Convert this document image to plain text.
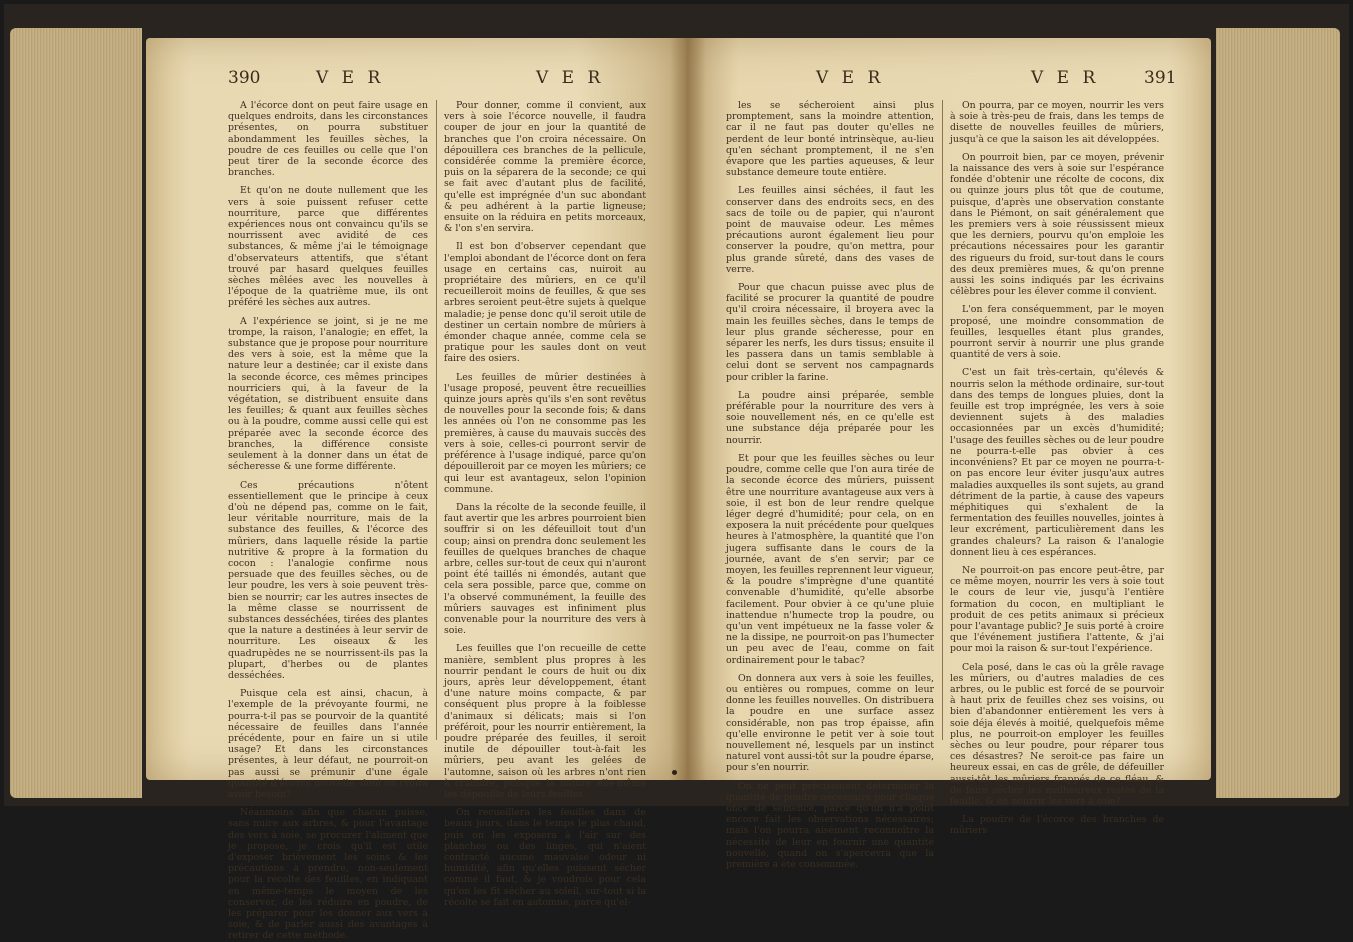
390	V E R	V E R

A l'écorce dont on peut faire usage en quelques endroits, dans les circonstances présentes, on pourra substituer abondamment les feuilles sèches, la poudre de ces feuilles ou celle que l'on peut tirer de la seconde écorce des branches.

Et qu'on ne doute nullement que les vers à soie puissent refuser cette nourriture, parce que différentes expériences nous ont convaincu qu'ils se nourrissent avec avidité de ces substances, & même j'ai le témoignage d'observateurs attentifs, que s'étant trouvé par hasard quelques feuilles sèches mêlées avec les nouvelles à l'époque de la quatrième mue, ils ont préféré les sèches aux autres.

A l'expérience se joint, si je ne me trompe, la raison, l'analogie; en effet, la substance que je propose pour nourriture des vers à soie, est la même que la nature leur a destinée; car il existe dans la seconde écorce, ces mêmes principes nourriciers qui, à la faveur de la végétation, se distribuent ensuite dans les feuilles; & quant aux feuilles sèches ou à la poudre, comme aussi celle qui est préparée avec la seconde écorce des branches, la différence consiste seulement à la donner dans un état de sécheresse & une forme différente.

Ces précautions n'ôtent essentiellement que le principe à ceux d'où ne dépend pas, comme on le fait, leur véritable nourriture, mais de la substance des feuilles, & l'écorce des mûriers, dans laquelle réside la partie nutritive & propre à la formation du cocon : l'analogie confirme nous persuade que des feuilles sèches, ou de leur poudre, les vers à soie peuvent très-bien se nourrir; car les autres insectes de la même classe se nourrissent de substances desséchées, tirées des plantes que la nature a destinées à leur servir de nourriture. Les oiseaux & les quadrupèdes ne se nourrissent-ils pas la plupart, d'herbes ou de plantes desséchées.

Puisque cela est ainsi, chacun, à l'exemple de la prévoyante fourmi, ne pourra-t-il pas se pourvoir de la quantité nécessaire de feuilles dans l'année précédente, pour en faire un si utile usage? Et dans les circonstances présentes, à leur défaut, ne pourroit-on pas aussi se prémunir d'une égale quantité d'écorce nouvelle, dont on croira avoir besoin?

Néanmoins afin que chacun puisse, sans nuire aux arbres, & pour l'avantage des vers à soie, se procurer l'aliment que je propose, je crois qu'il est utile d'exposer brièvement les soins & les précautions à prendre, non-seulement pour la récolte des feuilles, en indiquant en même-temps le moyen de les conserver, de les réduire en poudre, de les préparer pour les donner aux vers à soie, & de parler aussi des avantages à retirer de cette méthode.

Pour donner, comme il convient, aux vers à soie l'écorce nouvelle, il faudra couper de jour en jour la quantité de branches que l'on croira nécessaire. On dépouillera ces branches de la pellicule, considérée comme la première écorce, puis on la séparera de la seconde; ce qui se fait avec d'autant plus de facilité, qu'elle est imprégnée d'un suc abondant & peu adhérent à la partie ligneuse; ensuite on la réduira en petits morceaux, & l'on s'en servira.

Il est bon d'observer cependant que l'emploi abondant de l'écorce dont on fera usage en certains cas, nuiroit au propriétaire des mûriers, en ce qu'il recueilleroit moins de feuilles, & que ses arbres seroient peut-être sujets à quelque maladie; je pense donc qu'il seroit utile de destiner un certain nombre de mûriers à émonder chaque année, comme cela se pratique pour les saules dont on veut faire des osiers.

Les feuilles de mûrier destinées à l'usage proposé, peuvent être recueillies quinze jours après qu'ils s'en sont revêtus de nouvelles pour la seconde fois; & dans les années où l'on ne consomme pas les premières, à cause du mauvais succès des vers à soie, celles-ci pourront servir de préférence à l'usage indiqué, parce qu'on dépouilleroit par ce moyen les mûriers; ce qui leur est avantageux, selon l'opinion commune.

Dans la récolte de la seconde feuille, il faut avertir que les arbres pourroient bien souffrir si on les défeuilloit tout d'un coup; ainsi on prendra donc seulement les feuilles de quelques branches de chaque arbre, celles sur-tout de ceux qui n'auront point été taillés ni émondés, autant que cela sera possible, parce que, comme on l'a observé communément, la feuille des mûriers sauvages est infiniment plus convenable pour la nourriture des vers à soie.

Les feuilles que l'on recueille de cette manière, semblent plus propres à les nourrir pendant le cours de huit ou dix jours, après leur développement, étant d'une nature moins compacte, & par conséquent plus propre à la foiblesse d'animaux si délicats; mais si l'on préféroit, pour les nourrir entièrement, la poudre préparée des feuilles, il seroit inutile de dépouiller tout-à-fait les mûriers, peu avant les gelées de l'automne, saison où les arbres n'ont rien à craindre, puisque la nature elle-même les dépouille de leurs feuilles.

On recueillera les feuilles dans de beaux jours, dans le temps le plus chaud, puis on les exposera à l'air sur des planches ou des linges, qui n'aient contracté aucune mauvaise odeur ni humidité, afin qu'elles puissent sécher comme il faut, & je voudrois pour cela qu'on les fît sécher au soleil, sur-tout si la récolte se fait en automne, parce qu'el-

V E R	V E R	391

les se sécheroient ainsi plus promptement, sans la moindre attention, car il ne faut pas douter qu'elles ne perdent de leur bonté intrinsèque, au-lieu qu'en séchant promptement, il ne s'en évapore que les parties aqueuses, & leur substance demeure toute entière.

Les feuilles ainsi séchées, il faut les conserver dans des endroits secs, en des sacs de toile ou de papier, qui n'auront point de mauvaise odeur. Les mêmes précautions auront également lieu pour conserver la poudre, qu'on mettra, pour plus grande sûreté, dans des vases de verre.

Pour que chacun puisse avec plus de facilité se procurer la quantité de poudre qu'il croira nécessaire, il broyera avec la main les feuilles sèches, dans le temps de leur plus grande sécheresse, pour en séparer les nerfs, les durs tissus; ensuite il les passera dans un tamis semblable à celui dont se servent nos campagnards pour cribler la farine.

La poudre ainsi préparée, semble préférable pour la nourriture des vers à soie nouvellement nés, en ce qu'elle est une substance déja préparée pour les nourrir.

Et pour que les feuilles sèches ou leur poudre, comme celle que l'on aura tirée de la seconde écorce des mûriers, puissent être une nourriture avantageuse aux vers à soie, il est bon de leur rendre quelque léger degré d'humidité; pour cela, on en exposera la nuit précédente pour quelques heures à l'atmosphère, la quantité que l'on jugera suffisante dans le cours de la journée, avant de s'en servir; par ce moyen, les feuilles reprennent leur vigueur, & la poudre s'imprègne d'une quantité convenable d'humidité, qu'elle absorbe facilement. Pour obvier à ce qu'une pluie inattendue n'humecte trop la poudre, ou qu'un vent impétueux ne la fasse voler & ne la dissipe, ne pourroit-on pas l'humecter un peu avec de l'eau, comme on fait ordinairement pour le tabac?

On donnera aux vers à soie les feuilles, ou entières ou rompues, comme on leur donne les feuilles nouvelles. On distribuera la poudre en une surface assez considérable, non pas trop épaisse, afin qu'elle environne le petit ver à soie tout nouvellement né, lesquels par un instinct naturel vont aussi-tôt sur la poudre éparse, pour s'en nourrir.

On ne peut précisément déterminer la quantité de poudre nécessaire pour chaque once de semence, parce qu'on n'a point encore fait les observations nécessaires; mais l'on pourra aisément reconnoître la nécessité de leur en fournir une quantité nouvelle, quand on s'apercevra que la première a été consommée.

On pourra, par ce moyen, nourrir les vers à soie à très-peu de frais, dans les temps de disette de nouvelles feuilles de mûriers, jusqu'à ce que la saison les ait développées.

On pourroit bien, par ce moyen, prévenir la naissance des vers à soie sur l'espérance fondée d'obtenir une récolte de cocons, dix ou quinze jours plus tôt que de coutume, puisque, d'après une observation constante dans le Piémont, on sait généralement que les premiers vers à soie réussissent mieux que les derniers, pourvu qu'on emploie les précautions nécessaires pour les garantir des rigueurs du froid, sur-tout dans le cours des deux premières mues, & qu'on prenne aussi les soins indiqués par les écrivains célèbres pour les élever comme il convient.

L'on fera conséquemment, par le moyen proposé, une moindre consommation de feuilles, lesquelles étant plus grandes, pourront servir à nourrir une plus grande quantité de vers à soie.

C'est un fait très-certain, qu'élevés & nourris selon la méthode ordinaire, sur-tout dans des temps de longues pluies, dont la feuille est trop imprégnée, les vers à soie deviennent sujets à des maladies occasionnées par un excès d'humidité; l'usage des feuilles sèches ou de leur poudre ne pourra-t-elle pas obvier à ces inconvéniens? Et par ce moyen ne pourra-t-on pas encore leur éviter jusqu'aux autres maladies auxquelles ils sont sujets, au grand détriment de la partie, à cause des vapeurs méphitiques qui s'exhalent de la fermentation des feuilles nouvelles, jointes à leur excrément, particulièrement dans les grandes chaleurs? La raison & l'analogie donnent lieu à ces espérances.

Ne pourroit-on pas encore peut-être, par ce même moyen, nourrir les vers à soie tout le cours de leur vie, jusqu'à l'entière formation du cocon, en multipliant le produit de ces petits animaux si précieux pour l'avantage public? Je suis porté à croire que l'événement justifiera l'attente, & j'ai pour moi la raison & sur-tout l'expérience.

Cela posé, dans le cas où la grêle ravage les mûriers, ou d'autres maladies de ces arbres, ou le public est forcé de se pourvoir à haut prix de feuilles chez ses voisins, ou bien d'abandonner entièrement les vers à soie déja élevés à moitié, quelquefois même plus, ne pourroit-on employer les feuilles sèches ou leur poudre, pour réparer tous ces désastres? Ne seroit-ce pas faire un heureux essai, en cas de grêle, de défeuiller aussi-tôt les mûriers frappés de ce fléau, & de faire sécher les malheureux restes de la feuille, & en nourrir les vers à soie?

La poudre de l'écorce des branches de mûriers
